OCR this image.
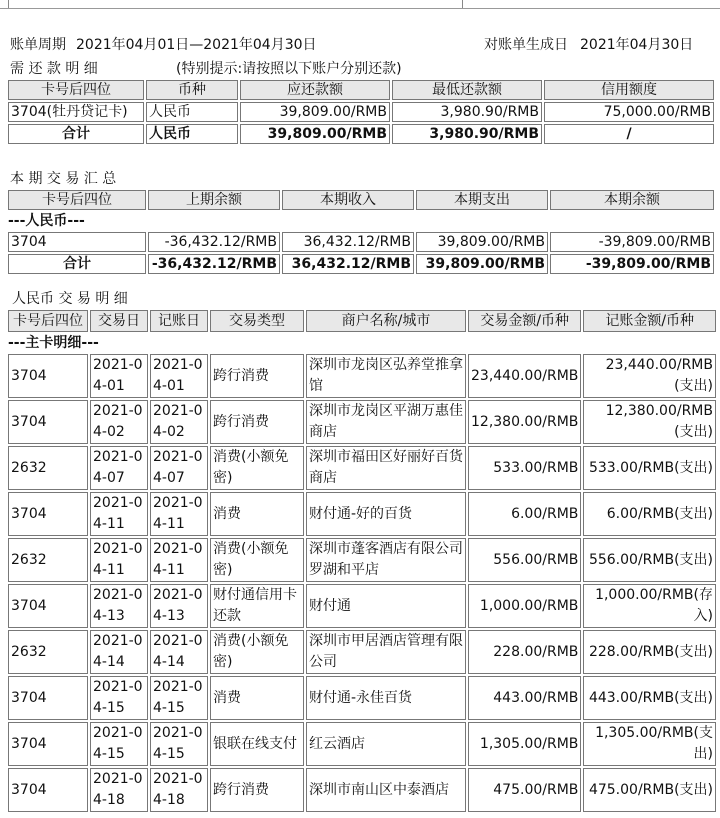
账单周期 2021年04月01日—2021年04月30日	对账单生成日 2021年04月30日
需 还 款 明 细	(特别提示:请按照以下账户分别还款)
卡号后四位	币种	应还款额	最低还款额	信用额度
3704(牡丹贷记卡)	人民币	39,809.00/RMB	3,980.90/RMB	75,000.00/RMB
合计	人民币	39,809.00/RMB	3,980.90/RMB	/
本 期 交 易 汇 总
卡号后四位	上期余额	本期收入	本期支出	本期余额
---人民币---				
3704	-36,432.12/RMB	36,432.12/RMB	39,809.00/RMB	-39,809.00/RMB
合计	-36,432.12/RMB	36,432.12/RMB	39,809.00/RMB	-39,809.00/RMB
人民币 交 易 明 细
卡号后四位	交易日	记账日	交易类型	商户名称/城市	交易金额/币种	记账金额/币种
---主卡明细---						
3704	2021-04-01	2021-04-01	跨行消费	深圳市龙岗区弘养堂推拿馆	23,440.00/RMB	23,440.00/RMB(支出)
3704	2021-04-02	2021-04-02	跨行消费	深圳市龙岗区平湖万惠佳商店	12,380.00/RMB	12,380.00/RMB(支出)
2632	2021-04-07	2021-04-07	消费(小额免密)	深圳市福田区好丽好百货商店	533.00/RMB	533.00/RMB(支出)
3704	2021-04-11	2021-04-11	消费	财付通-好的百货	6.00/RMB	6.00/RMB(支出)
2632	2021-04-11	2021-04-11	消费(小额免密)	深圳市蓬客酒店有限公司罗湖和平店	556.00/RMB	556.00/RMB(支出)
3704	2021-04-13	2021-04-13	财付通信用卡还款	财付通	1,000.00/RMB	1,000.00/RMB(存入)
2632	2021-04-14	2021-04-14	消费(小额免密)	深圳市甲居酒店管理有限公司	228.00/RMB	228.00/RMB(支出)
3704	2021-04-15	2021-04-15	消费	财付通-永佳百货	443.00/RMB	443.00/RMB(支出)
3704	2021-04-15	2021-04-15	银联在线支付	红云酒店	1,305.00/RMB	1,305.00/RMB(支出)
3704	2021-04-18	2021-04-18	跨行消费	深圳市南山区中泰酒店	475.00/RMB	475.00/RMB(支出)
